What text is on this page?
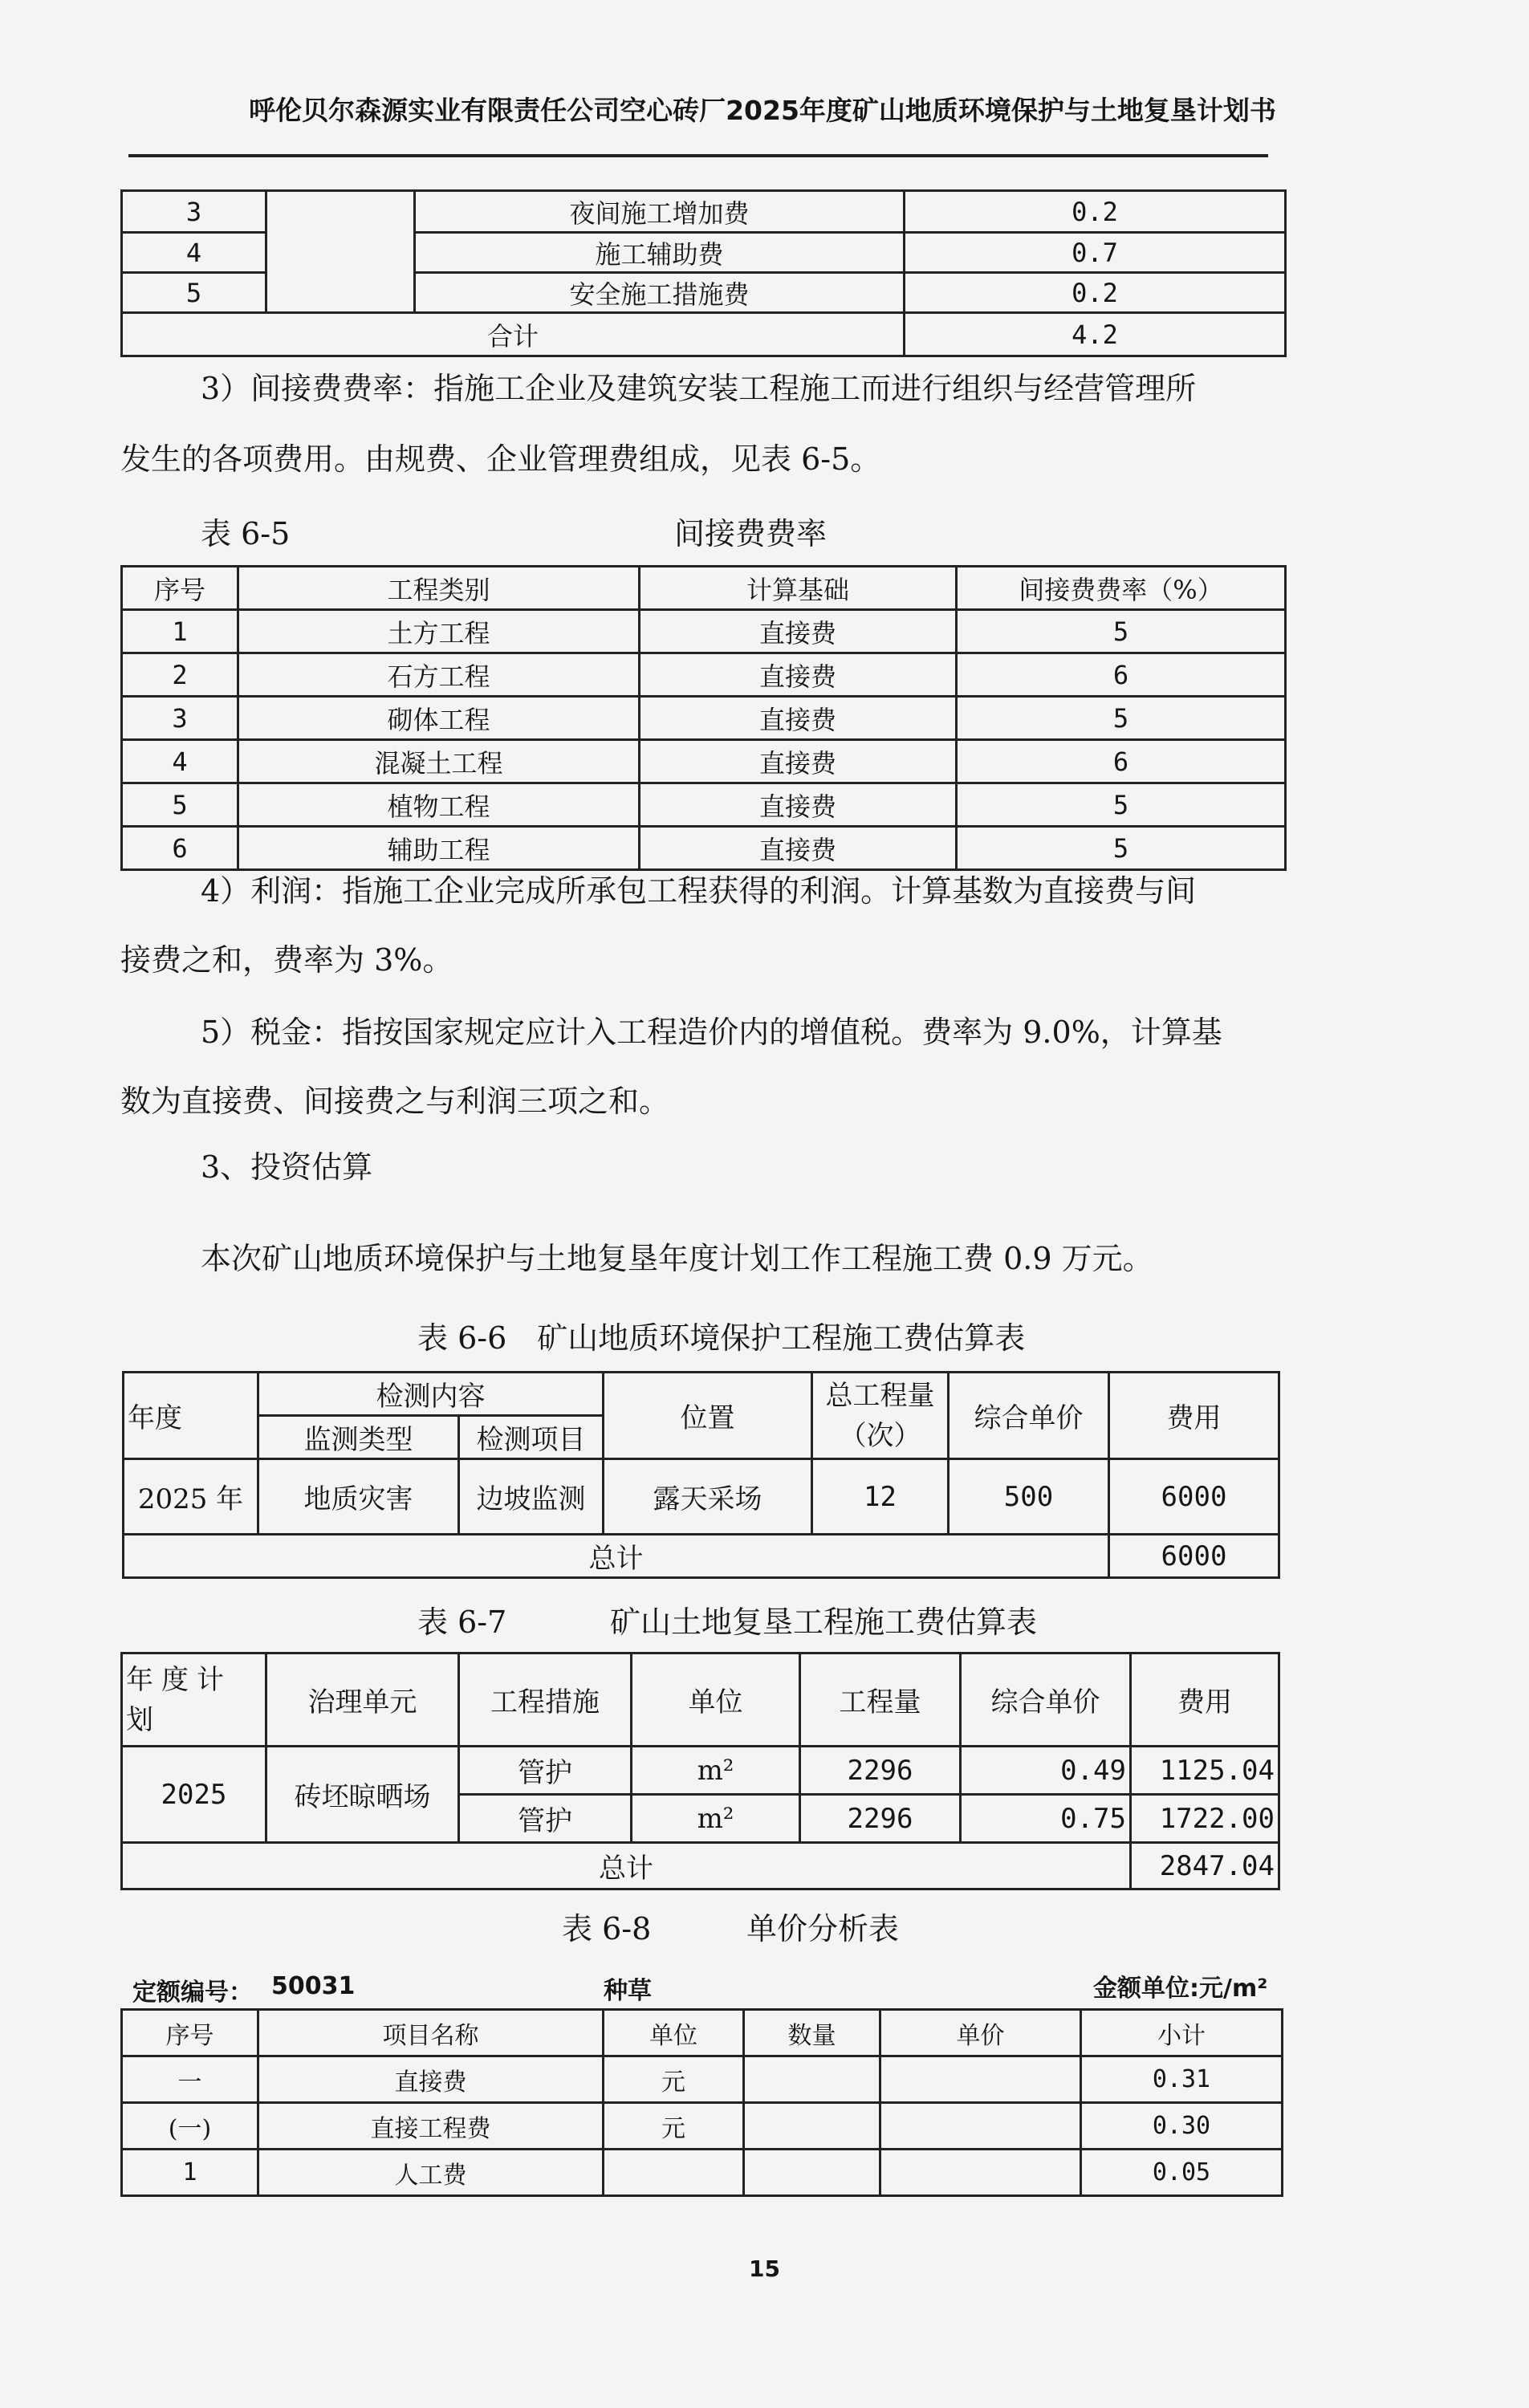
呼伦贝尔森源实业有限责任公司空心砖厂2025年度矿山地质环境保护与土地复垦计划书
3		夜间施工增加费	0.2
4		施工辅助费	0.7
5		安全施工措施费	0.2
合计			4.2
3）间接费费率：指施工企业及建筑安装工程施工而进行组织与经营管理所
发生的各项费用。由规费、企业管理费组成，见表 6-5。
表 6-5	间接费费率
序号	工程类别	计算基础	间接费费率（%）
1	土方工程	直接费	5
2	石方工程	直接费	6
3	砌体工程	直接费	5
4	混凝土工程	直接费	6
5	植物工程	直接费	5
6	辅助工程	直接费	5
4）利润：指施工企业完成所承包工程获得的利润。计算基数为直接费与间
接费之和，费率为 3%。
5）税金：指按国家规定应计入工程造价内的增值税。费率为 9.0%，计算基
数为直接费、间接费之与利润三项之和。
3、投资估算
本次矿山地质环境保护与土地复垦年度计划工作工程施工费 0.9 万元。
表 6-6　矿山地质环境保护工程施工费估算表
年度	检测内容		位置	总工程量（次）	综合单价	费用
	监测类型	检测项目				
2025 年	地质灾害	边坡监测	露天采场	12	500	6000
总计						6000
表 6-7	矿山土地复垦工程施工费估算表
年度计划	治理单元	工程措施	单位	工程量	综合单价	费用
2025	砖坯晾晒场	管护	m²	2296	0.49	1125.04
		管护	m²	2296	0.75	1722.00
总计						2847.04
表 6-8	单价分析表
定额编号： 50031	种草	金额单位:元/m²
序号	项目名称	单位	数量	单价	小计
一	直接费	元			0.31
(一)	直接工程费	元			0.30
1	人工费				0.05
15
